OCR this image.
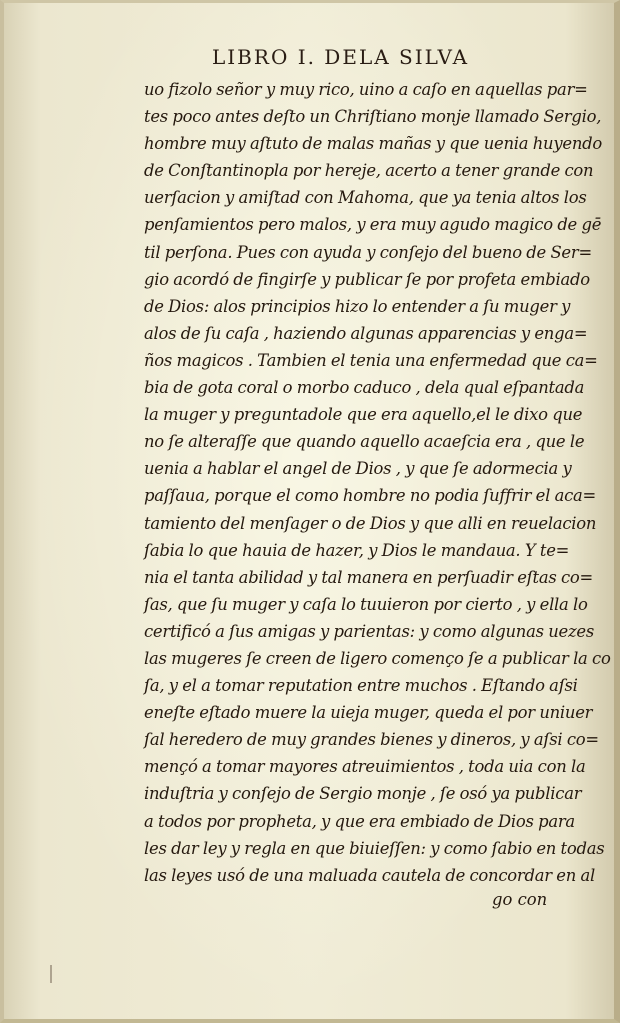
LIBRO I. DELA SILVA
uo fizolo señor y muy rico, uino a caſo en aquellas par=
tes poco antes deſto un Chriſtiano monje llamado Sergio,
hombre muy aſtuto de malas mañas y que uenia huyendo
de Conſtantinopla por hereje, acerto a tener grande con
uerſacion y amiſtad con Mahoma, que ya tenia altos los
penſamientos pero malos, y era muy agudo magico de gē
til perſona. Pues con ayuda y conſejo del bueno de Ser=
gio acordó de fingirſe y publicar ſe por profeta embiado
de Dios: alos principios hizo lo entender a ſu muger y
alos de ſu caſa , haziendo algunas apparencias y enga=
ños magicos . Tambien el tenia una enfermedad que ca=
bia de gota coral o morbo caduco , dela qual eſpantada
la muger y preguntadole que era aquello,el le dixo que
no ſe alteraſſe que quando aquello acaeſcia era , que le
uenia a hablar el angel de Dios , y que ſe adormecia y
paſſaua, porque el como hombre no podia ſuffrir el aca=
tamiento del menſager o de Dios y que alli en reuelacion
ſabia lo que hauia de hazer, y Dios le mandaua. Y te=
nia el tanta abilidad y tal manera en perſuadir eſtas co=
ſas, que ſu muger y caſa lo tuuieron por cierto , y ella lo
certificó a ſus amigas y parientas: y como algunas uezes
las mugeres ſe creen de ligero començo ſe a publicar la co
ſa, y el a tomar reputation entre muchos . Eſtando aſsi
eneſte eſtado muere la uieja muger, queda el por uniuer
ſal heredero de muy grandes bienes y dineros, y aſsi co=
mençó a tomar mayores atreuimientos , toda uia con la
induſtria y conſejo de Sergio monje , ſe osó ya publicar
a todos por propheta, y que era embiado de Dios para
les dar ley y regla en que biuieſſen: y como ſabio en todas
las leyes usó de una maluada cautela de concordar en al
go con
